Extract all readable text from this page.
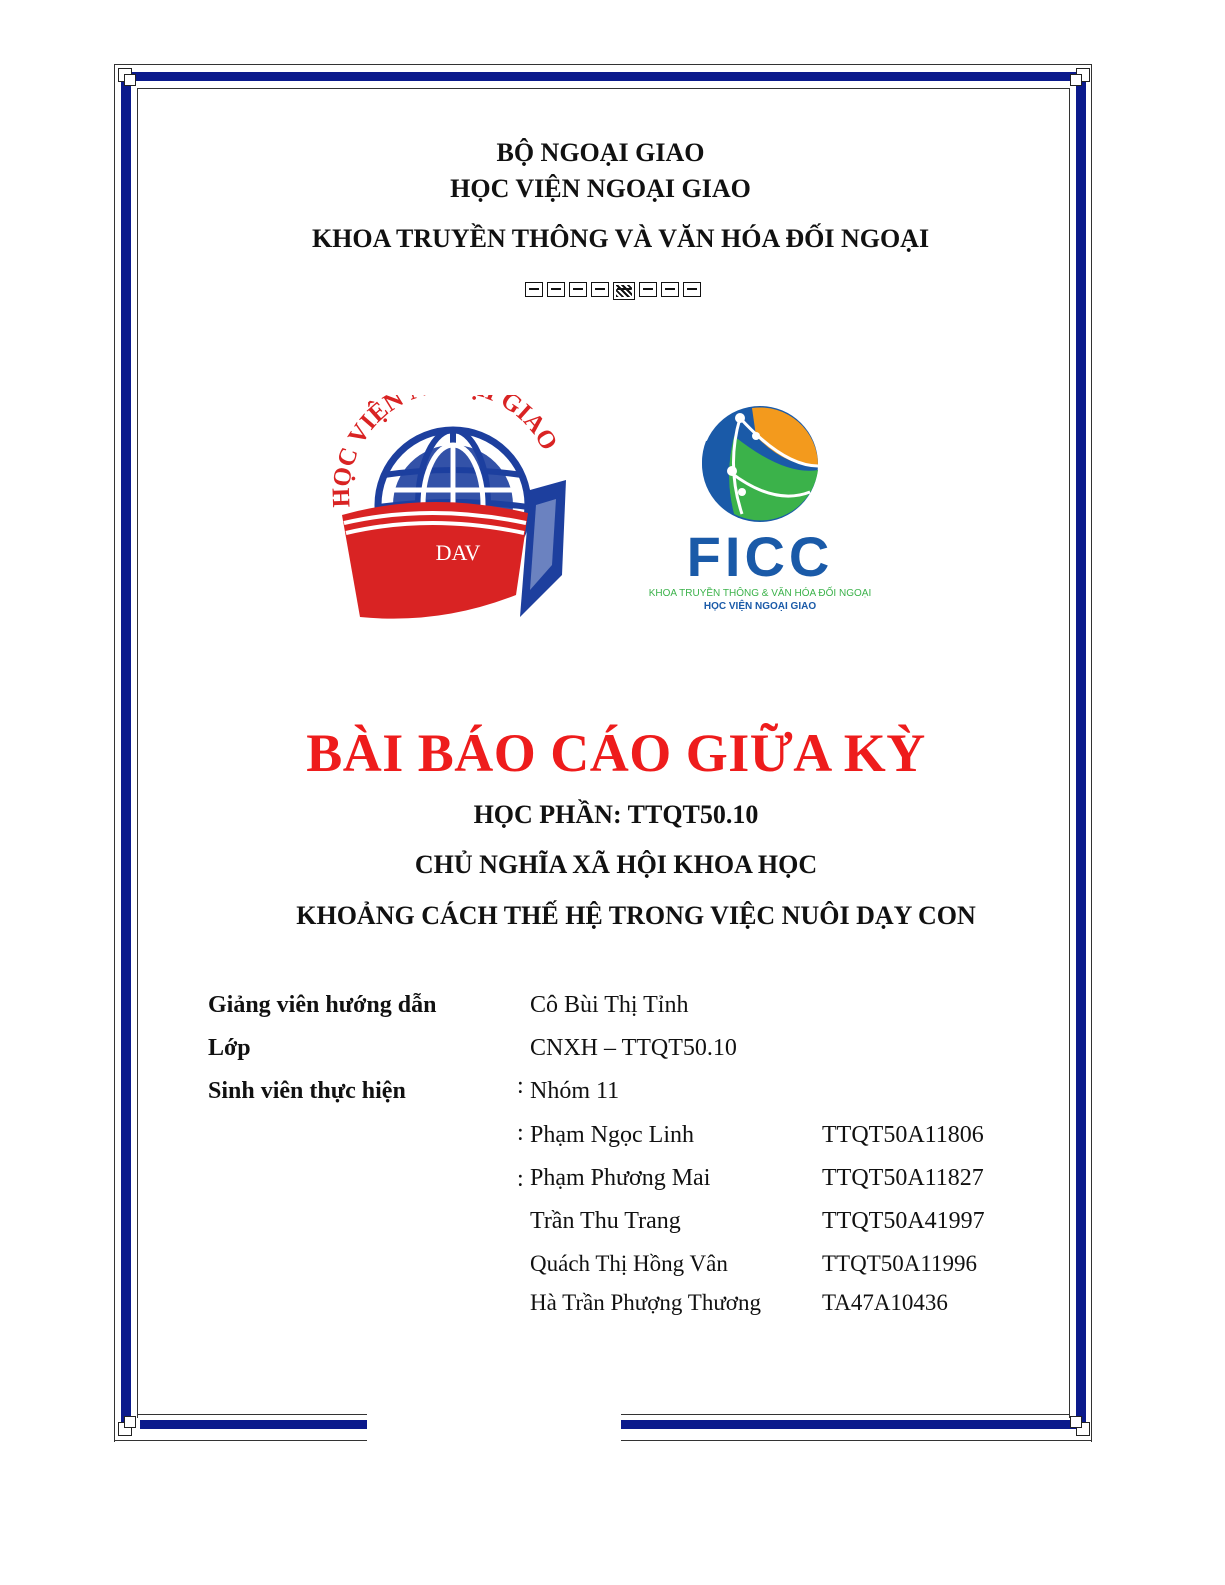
BỘ NGOẠI GIAO
HỌC VIỆN NGOẠI GIAO
KHOA TRUYỀN THÔNG VÀ VĂN HÓA ĐỐI NGOẠI
HỌC VIỆN GIAO
DAV	FICC
KHOA TRUYỀN THÔNG & VĂN HÓA ĐỐI NGOẠI
HỌC VIỆN NGOẠI GIAO
BÀI BÁO CÁO GIỮA KỲ
HỌC PHẦN: TTQT50.10
CHỦ NGHĨA XÃ HỘI KHOA HỌC
KHOẢNG CÁCH THẾ HỆ TRONG VIỆC NUÔI DẠY CON
Giảng viên hướng dẫn	Cô Bùi Thị Tỉnh
Lớp	CNXH – TTQT50.10
Sinh viên thực hiện	: Nhóm 11
: Phạm Ngọc Linh	TTQT50A11806
: Phạm Phương Mai	TTQT50A11827
Trần Thu Trang	TTQT50A41997
Quách Thị Hồng Vân	TTQT50A11996
Hà Trần Phượng Thương	TA47A10436
